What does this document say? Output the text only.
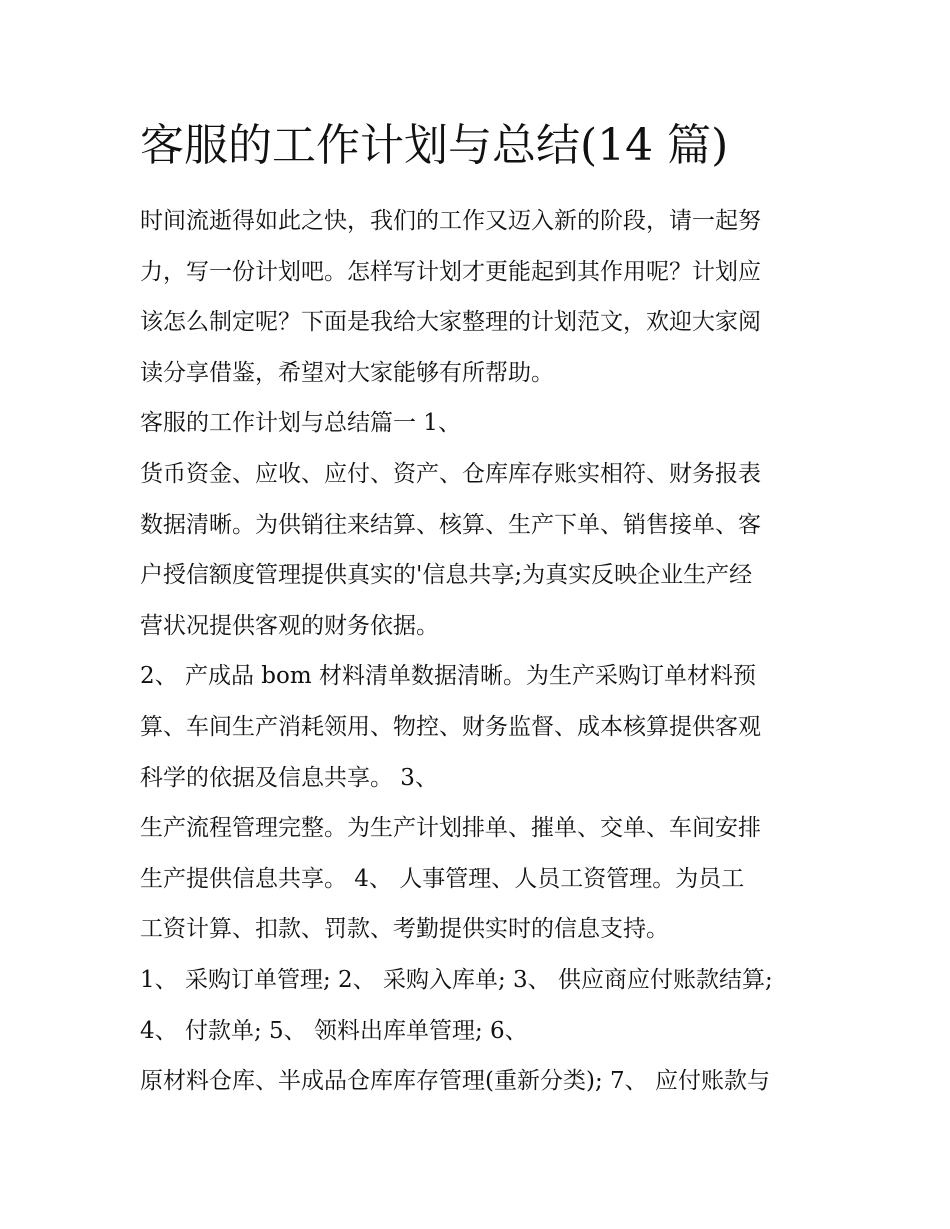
客服的工作计划与总结(14 篇)
时间流逝得如此之快，我们的工作又迈入新的阶段，请一起努
力，写一份计划吧。怎样写计划才更能起到其作用呢？计划应
该怎么制定呢？下面是我给大家整理的计划范文，欢迎大家阅
读分享借鉴，希望对大家能够有所帮助。
客服的工作计划与总结篇一 1、
货币资金、应收、应付、资产、仓库库存账实相符、财务报表
数据清晰。为供销往来结算、核算、生产下单、销售接单、客
户授信额度管理提供真实的'信息共享;为真实反映企业生产经
营状况提供客观的财务依据。
2、 产成品 bom 材料清单数据清晰。为生产采购订单材料预
算、车间生产消耗领用、物控、财务监督、成本核算提供客观
科学的依据及信息共享。 3、
生产流程管理完整。为生产计划排单、摧单、交单、车间安排
生产提供信息共享。 4、 人事管理、人员工资管理。为员工
工资计算、扣款、罚款、考勤提供实时的信息支持。
1、 采购订单管理; 2、 采购入库单; 3、 供应商应付账款结算;
4、 付款单; 5、 领料出库单管理; 6、
原材料仓库、半成品仓库库存管理(重新分类); 7、 应付账款与
